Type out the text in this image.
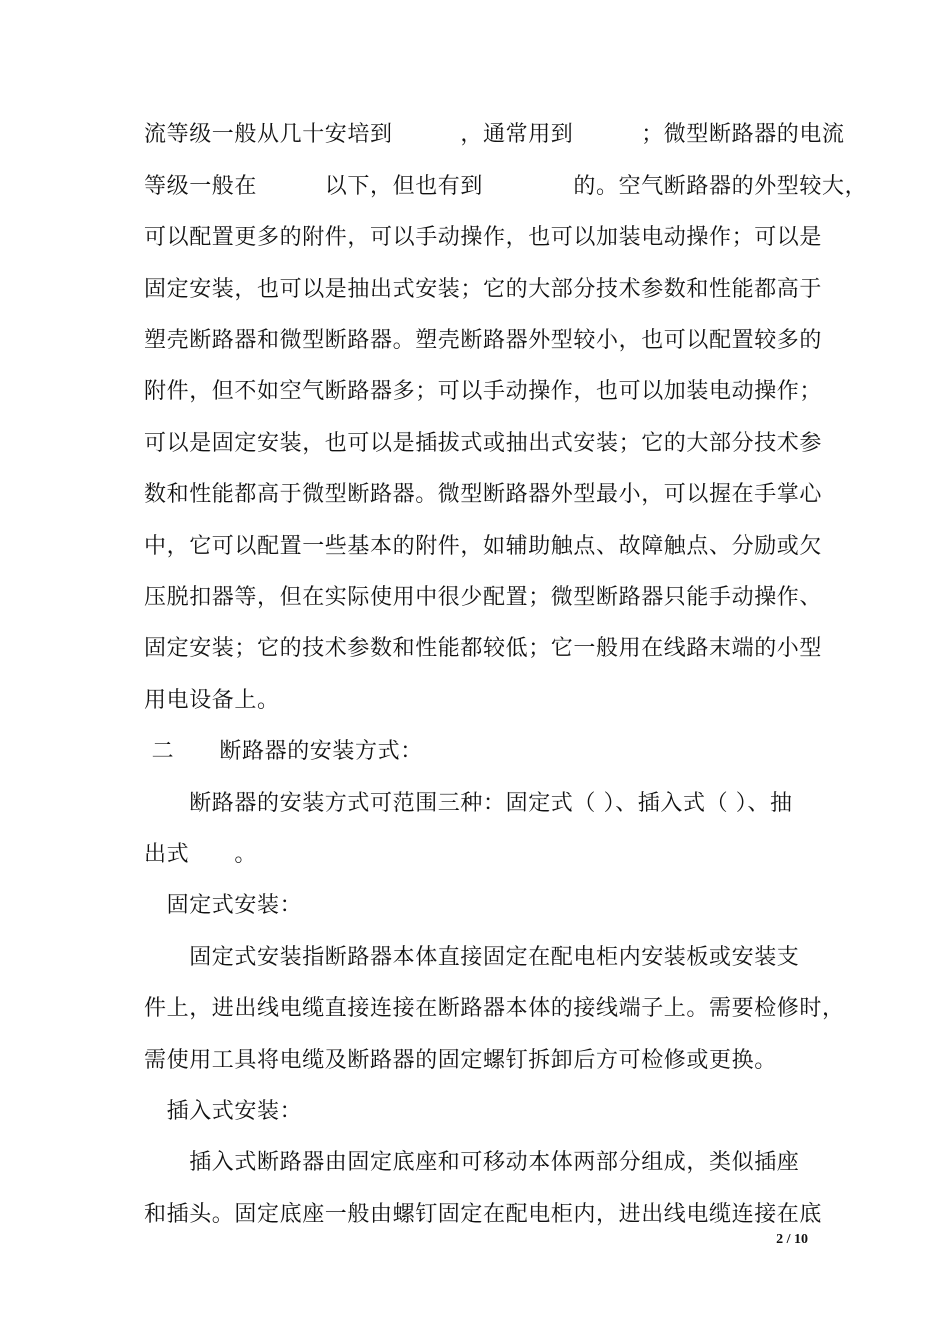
流等级一般从几十安培到　　　，通常用到　　　；微型断路器的电流
等级一般在　　　以下，但也有到　　　　的。空气断路器的外型较大，
可以配置更多的附件，可以手动操作，也可以加装电动操作；可以是
固定安装，也可以是抽出式安装；它的大部分技术参数和性能都高于
塑壳断路器和微型断路器。塑壳断路器外型较小，也可以配置较多的
附件，但不如空气断路器多；可以手动操作，也可以加装电动操作；
可以是固定安装，也可以是插拔式或抽出式安装；它的大部分技术参
数和性能都高于微型断路器。微型断路器外型最小，可以握在手掌心
中，它可以配置一些基本的附件，如辅助触点、故障触点、分励或欠
压脱扣器等，但在实际使用中很少配置；微型断路器只能手动操作、
固定安装；它的技术参数和性能都较低；它一般用在线路末端的小型
用电设备上。
二　　断路器的安装方式：
　　断路器的安装方式可范围三种：固定式（ ）、插入式（ ）、抽
出式　　。
　固定式安装：
　　固定式安装指断路器本体直接固定在配电柜内安装板或安装支
件上，进出线电缆直接连接在断路器本体的接线端子上。需要检修时，
需使用工具将电缆及断路器的固定螺钉拆卸后方可检修或更换。
　插入式安装：
　　插入式断路器由固定底座和可移动本体两部分组成，类似插座
和插头。固定底座一般由螺钉固定在配电柜内，进出线电缆连接在底
2 / 10
